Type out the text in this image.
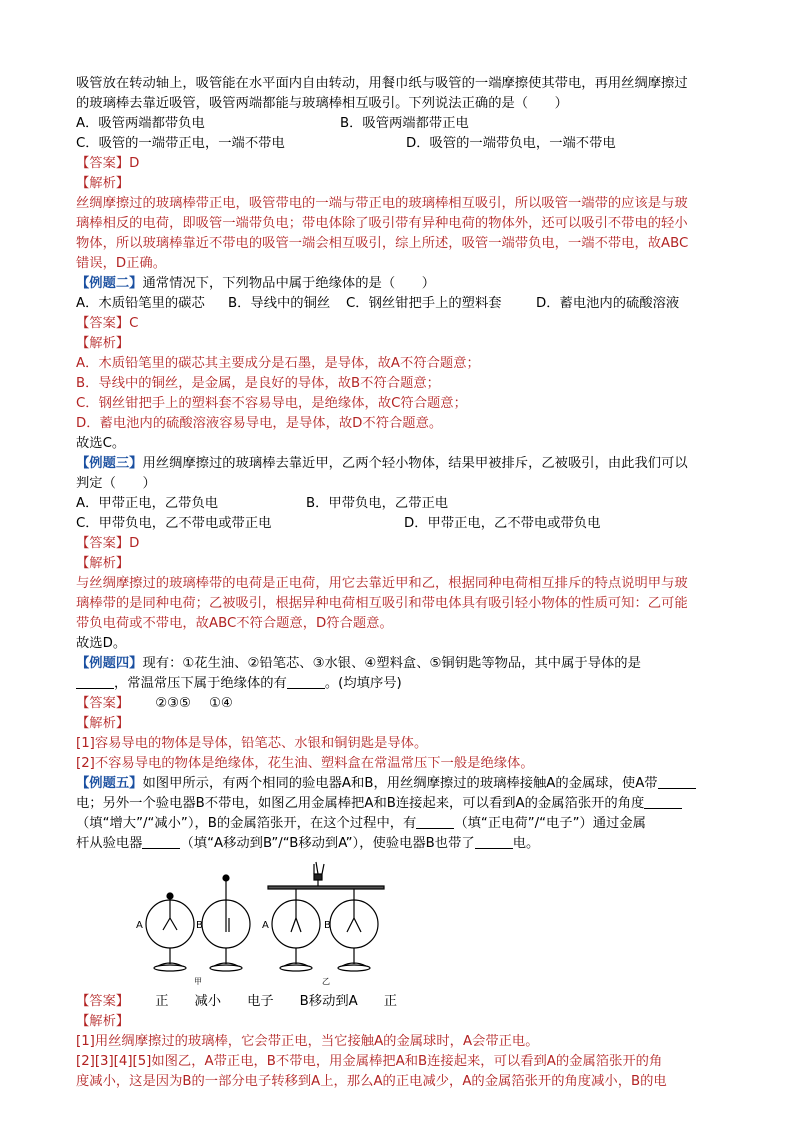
吸管放在转动轴上，吸管能在水平面内自由转动，用餐巾纸与吸管的一端摩擦使其带电，再用丝绸摩擦过
的玻璃棒去靠近吸管，吸管两端都能与玻璃棒相互吸引。下列说法正确的是（　　）
A．吸管两端都带负电	B．吸管两端都带正电
C．吸管的一端带正电，一端不带电	D．吸管的一端带负电，一端不带电
【答案】D
【解析】
丝绸摩擦过的玻璃棒带正电，吸管带电的一端与带正电的玻璃棒相互吸引，所以吸管一端带的应该是与玻
璃棒相反的电荷，即吸管一端带负电；带电体除了吸引带有异种电荷的物体外，还可以吸引不带电的轻小
物体，所以玻璃棒靠近不带电的吸管一端会相互吸引，综上所述，吸管一端带负电，一端不带电，故ABC
错误，D正确。
【例题二】通常情况下，下列物品中属于绝缘体的是（　　）
A．木质铅笔里的碳芯	B．导线中的铜丝	C．钢丝钳把手上的塑料套	D．蓄电池内的硫酸溶液
【答案】C
【解析】
A．木质铅笔里的碳芯其主要成分是石墨，是导体，故A不符合题意；
B．导线中的铜丝，是金属，是良好的导体，故B不符合题意；
C．钢丝钳把手上的塑料套不容易导电，是绝缘体，故C符合题意；
D．蓄电池内的硫酸溶液容易导电，是导体，故D不符合题意。
故选C。
【例题三】用丝绸摩擦过的玻璃棒去靠近甲，乙两个轻小物体，结果甲被排斥，乙被吸引，由此我们可以
判定（　　）
A．甲带正电，乙带负电	B．甲带负电，乙带正电
C．甲带负电，乙不带电或带正电	D．甲带正电，乙不带电或带负电
【答案】D
【解析】
与丝绸摩擦过的玻璃棒带的电荷是正电荷，用它去靠近甲和乙，根据同种电荷相互排斥的特点说明甲与玻
璃棒带的是同种电荷；乙被吸引，根据异种电荷相互吸引和带电体具有吸引轻小物体的性质可知：乙可能
带负电荷或不带电，故ABC不符合题意，D符合题意。
故选D。
【例题四】现有：①花生油、②铅笔芯、③水银、④塑料盒、⑤铜钥匙等物品，其中属于导体的是
，常温常压下属于绝缘体的有	。(均填序号)
【答案】 ②③⑤ ①④
【解析】
[1]容易导电的物体是导体，铅笔芯、水银和铜钥匙是导体。
[2]不容易导电的物体是绝缘体，花生油、塑料盒在常温常压下一般是绝缘体。
【例题五】如图甲所示，有两个相同的验电器A和B，用丝绸摩擦过的玻璃棒接触A的金属球，使A带
电；另外一个验电器B不带电，如图乙用金属棒把A和B连接起来，可以看到A的金属箔张开的角度
（填“增大”/“减小”），B的金属箔张开，在这个过程中，有	（填“正电荷”/“电子”）通过金属
杆从验电器	（填“A移动到B”/“B移动到A”），使验电器B也带了	电。
A	B	A	B
甲	乙
【答案】 正 减小 电子 B移动到A 正
【解析】
[1]用丝绸摩擦过的玻璃棒，它会带正电，当它接触A的金属球时，A会带正电。
[2][3][4][5]如图乙，A带正电，B不带电，用金属棒把A和B连接起来，可以看到A的金属箔张开的角
度减小，这是因为B的一部分电子转移到A上，那么A的正电减少，A的金属箔张开的角度减小，B的电
